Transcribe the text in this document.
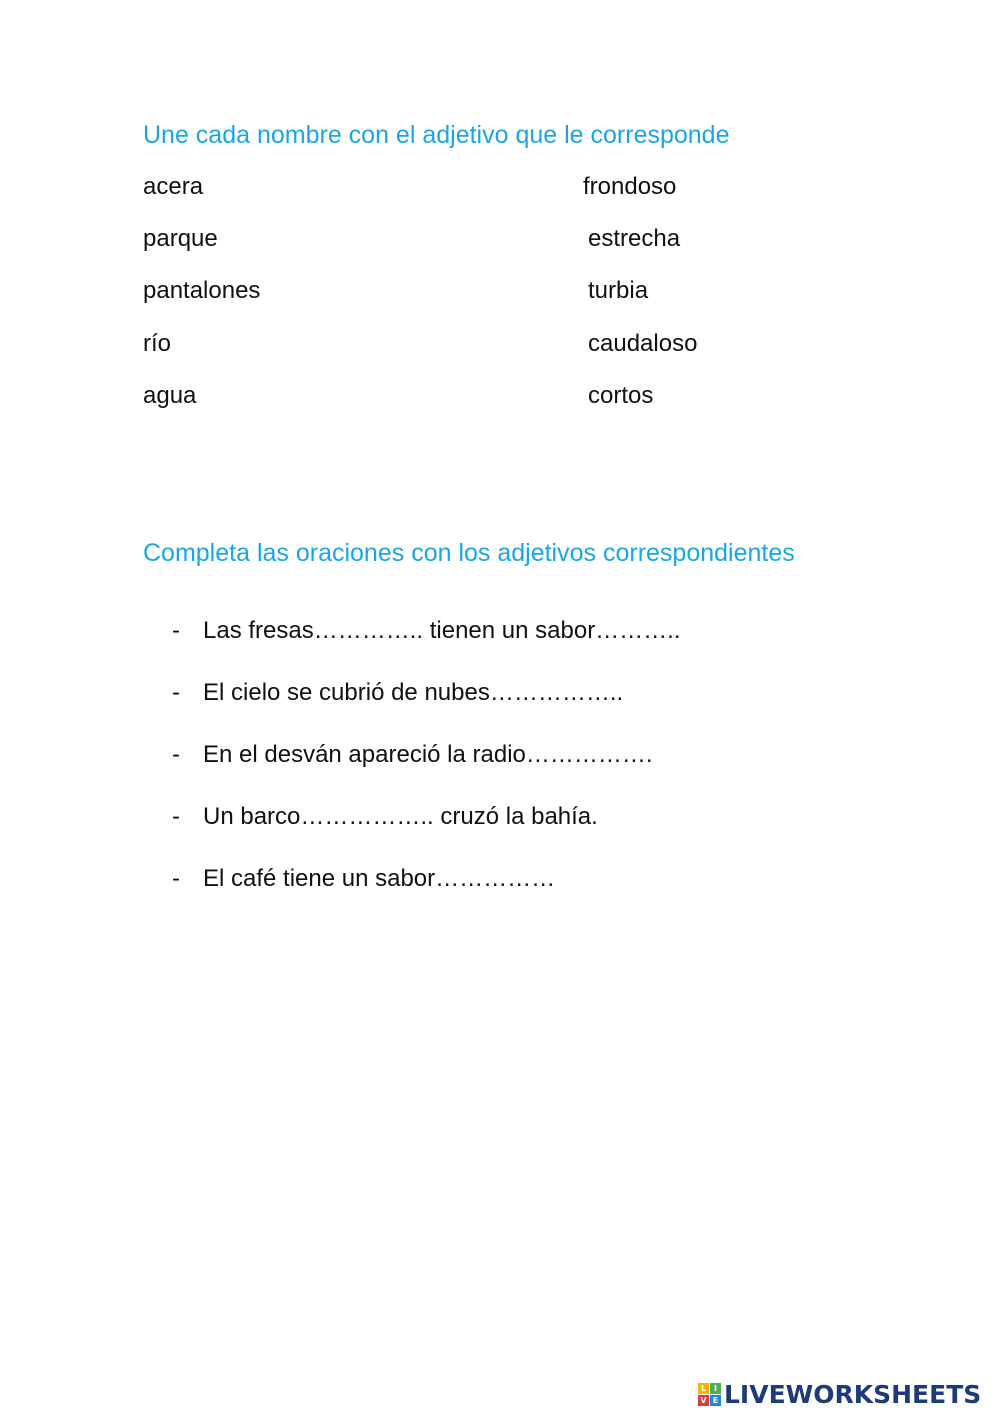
Une cada nombre con el adjetivo que le corresponde
acera
parque
pantalones
río
agua
frondoso
estrecha
turbia
caudaloso
cortos
Completa las oraciones con los adjetivos correspondientes
- Las fresas………….. tienen un sabor………..
- El cielo se cubrió de nubes……………..
- En el desván apareció la radio…………….
- Un barco…………….. cruzó la bahía.
- El café tiene un sabor……………
L I
V E LIVEWORKSHEETS
